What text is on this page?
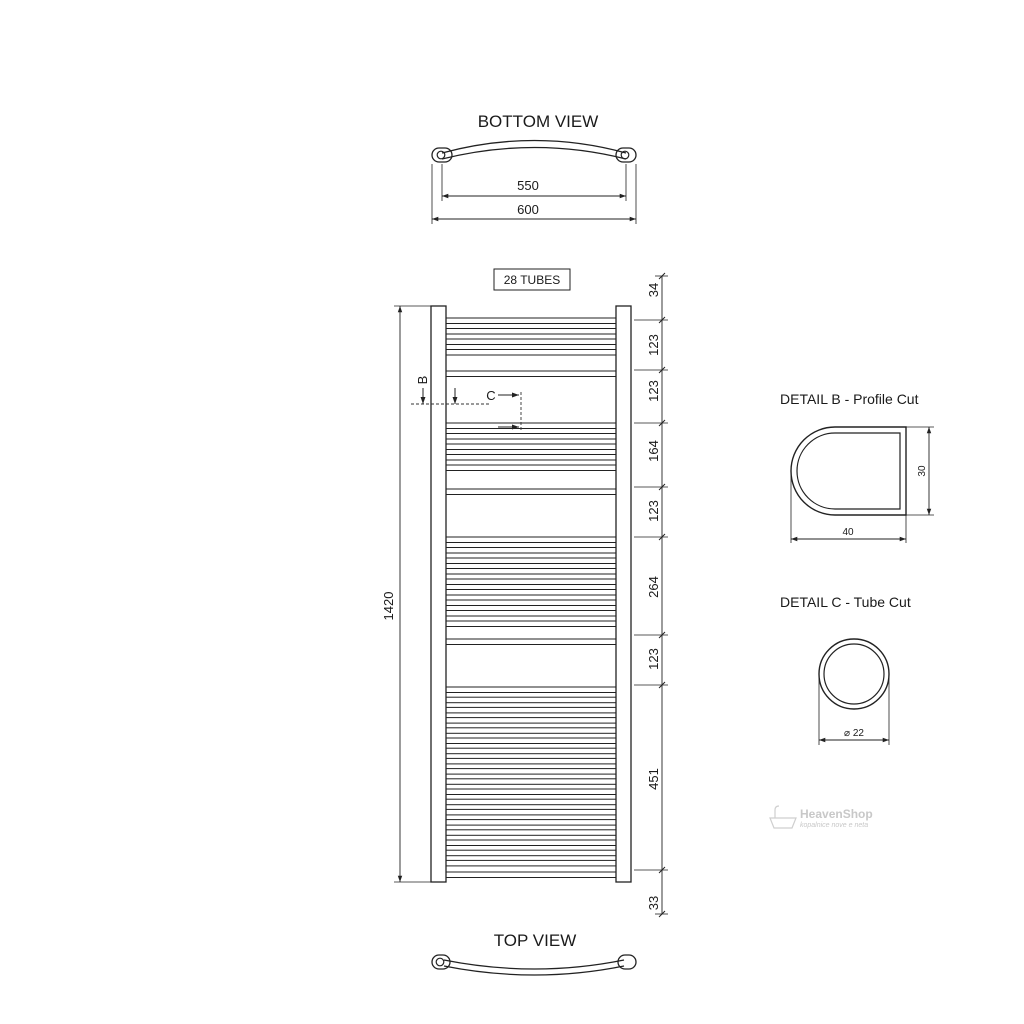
BOTTOM VIEW
550
600
28 TUBES
1420
B
C
34
123
123
164
123
264
123
451
33
TOP VIEW
DETAIL B - Profile Cut
30
40
DETAIL C - Tube Cut
⌀ 22
HeavenShop
kopalnice nove e neta
